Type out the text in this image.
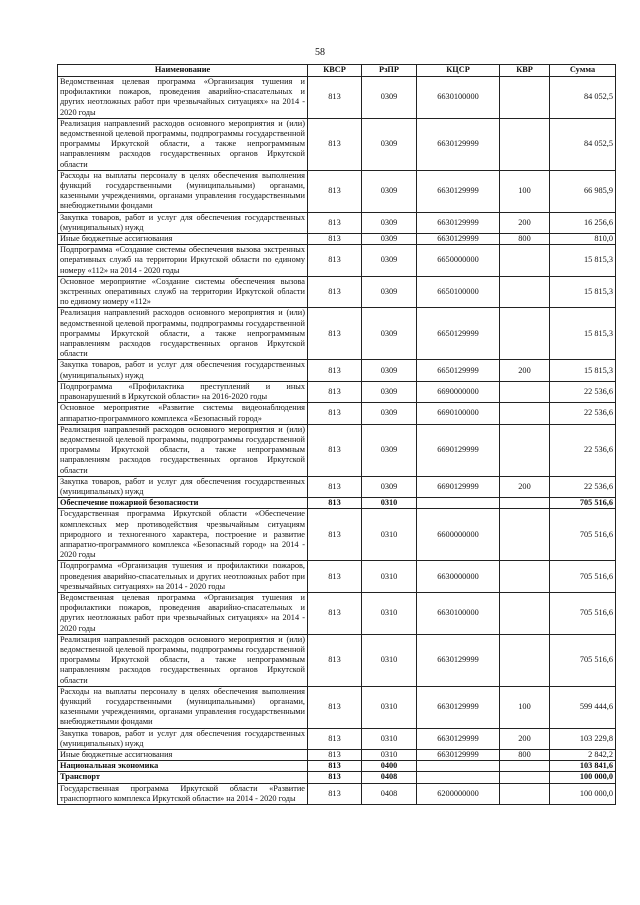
58
Наименование	КВСР	РзПР	КЦСР	КВР	Сумма
Ведомственная целевая программа «Организация тушения и профилактики пожаров, проведения аварийно-спасательных и других неотложных работ при чрезвычайных ситуациях» на 2014 - 2020 годы	813	0309	6630100000		84 052,5
Реализация направлений расходов основного мероприятия и (или) ведомственной целевой программы, подпрограммы государственной программы Иркутской области, а также непрограммным направлениям расходов государственных органов Иркутской области	813	0309	6630129999		84 052,5
Расходы на выплаты персоналу в целях обеспечения выполнения функций государственными (муниципальными) органами, казенными учреждениями, органами управления государственными внебюджетными фондами	813	0309	6630129999	100	66 985,9
Закупка товаров, работ и услуг для обеспечения государственных (муниципальных) нужд	813	0309	6630129999	200	16 256,6
Иные бюджетные ассигнования	813	0309	6630129999	800	810,0
Подпрограмма «Создание системы обеспечения вызова экстренных оперативных служб на территории Иркутской области по единому номеру «112» на 2014 - 2020 годы	813	0309	6650000000		15 815,3
Основное мероприятие «Создание системы обеспечения вызова экстренных оперативных служб на территории Иркутской области по единому номеру «112»	813	0309	6650100000		15 815,3
Реализация направлений расходов основного мероприятия и (или) ведомственной целевой программы, подпрограммы государственной программы Иркутской области, а также непрограммным направлениям расходов государственных органов Иркутской области	813	0309	6650129999		15 815,3
Закупка товаров, работ и услуг для обеспечения государственных (муниципальных) нужд	813	0309	6650129999	200	15 815,3
Подпрограмма «Профилактика преступлений и иных правонарушений в Иркутской области» на 2016-2020 годы	813	0309	6690000000		22 536,6
Основное мероприятие «Развитие системы видеонаблюдения аппаратно-программного комплекса «Безопасный город»	813	0309	6690100000		22 536,6
Реализация направлений расходов основного мероприятия и (или) ведомственной целевой программы, подпрограммы государственной программы Иркутской области, а также непрограммным направлениям расходов государственных органов Иркутской области	813	0309	6690129999		22 536,6
Закупка товаров, работ и услуг для обеспечения государственных (муниципальных) нужд	813	0309	6690129999	200	22 536,6
Обеспечение пожарной безопасности	813	0310			705 516,6
Государственная программа Иркутской области «Обеспечение комплексных мер противодействия чрезвычайным ситуациям природного и техногенного характера, построение и развитие аппаратно-программного комплекса «Безопасный город» на 2014 - 2020 годы	813	0310	6600000000		705 516,6
Подпрограмма «Организация тушения и профилактики пожаров, проведения аварийно-спасательных и других неотложных работ при чрезвычайных ситуациях» на 2014 - 2020 годы	813	0310	6630000000		705 516,6
Ведомственная целевая программа «Организация тушения и профилактики пожаров, проведения аварийно-спасательных и других неотложных работ при чрезвычайных ситуациях» на 2014 - 2020 годы	813	0310	6630100000		705 516,6
Реализация направлений расходов основного мероприятия и (или) ведомственной целевой программы, подпрограммы государственной программы Иркутской области, а также непрограммным направлениям расходов государственных органов Иркутской области	813	0310	6630129999		705 516,6
Расходы на выплаты персоналу в целях обеспечения выполнения функций государственными (муниципальными) органами, казенными учреждениями, органами управления государственными внебюджетными фондами	813	0310	6630129999	100	599 444,6
Закупка товаров, работ и услуг для обеспечения государственных (муниципальных) нужд	813	0310	6630129999	200	103 229,8
Иные бюджетные ассигнования	813	0310	6630129999	800	2 842,2
Национальная экономика	813	0400			103 841,6
Транспорт	813	0408			100 000,0
Государственная программа Иркутской области «Развитие транспортного комплекса Иркутской области» на 2014 - 2020 годы	813	0408	6200000000		100 000,0
